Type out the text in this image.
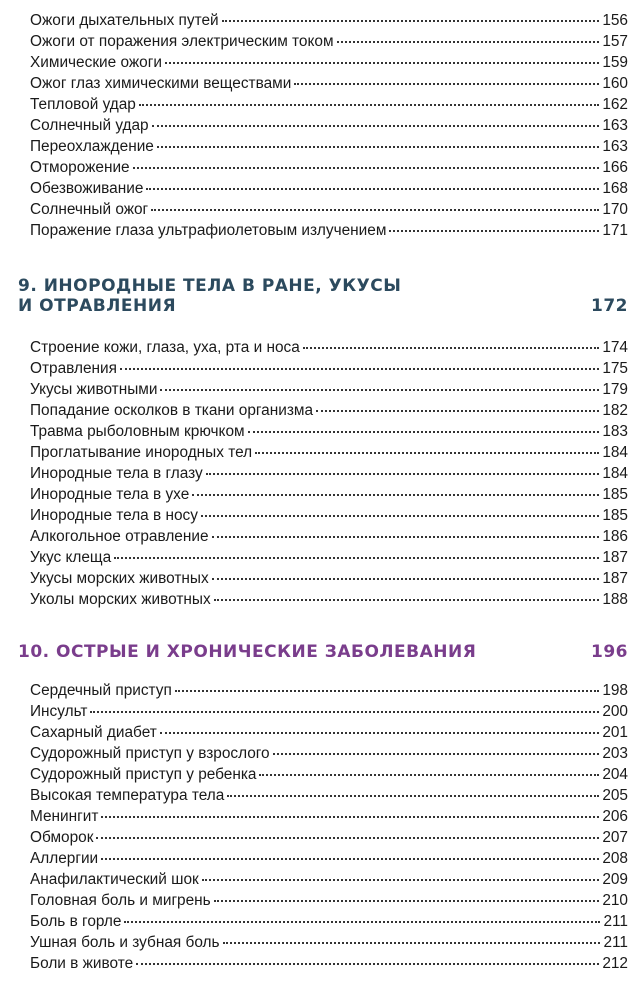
Ожоги дыхательных путей	156
Ожоги от поражения электрическим током	157
Химические ожоги	159
Ожог глаз химическими веществами	160
Тепловой удар	162
Солнечный удар	163
Переохлаждение	163
Отморожение	166
Обезвоживание	168
Солнечный ожог	170
Поражение глаза ультрафиолетовым излучением	171
9. ИНОРОДНЫЕ ТЕЛА В РАНЕ, УКУСЫ
И ОТРАВЛЕНИЯ	172
Строение кожи, глаза, уха, рта и носа	174
Отравления	175
Укусы животными	179
Попадание осколков в ткани организма	182
Травма рыболовным крючком	183
Проглатывание инородных тел	184
Инородные тела в глазу	184
Инородные тела в ухе	185
Инородные тела в носу	185
Алкогольное отравление	186
Укус клеща	187
Укусы морских животных	187
Уколы морских животных	188
10. ОСТРЫЕ И ХРОНИЧЕСКИЕ ЗАБОЛЕВАНИЯ	196
Сердечный приступ	198
Инсульт	200
Сахарный диабет	201
Судорожный приступ у взрослого	203
Судорожный приступ у ребенка	204
Высокая температура тела	205
Менингит	206
Обморок	207
Аллергии	208
Анафилактический шок	209
Головная боль и мигрень	210
Боль в горле	211
Ушная боль и зубная боль	211
Боли в животе	212
